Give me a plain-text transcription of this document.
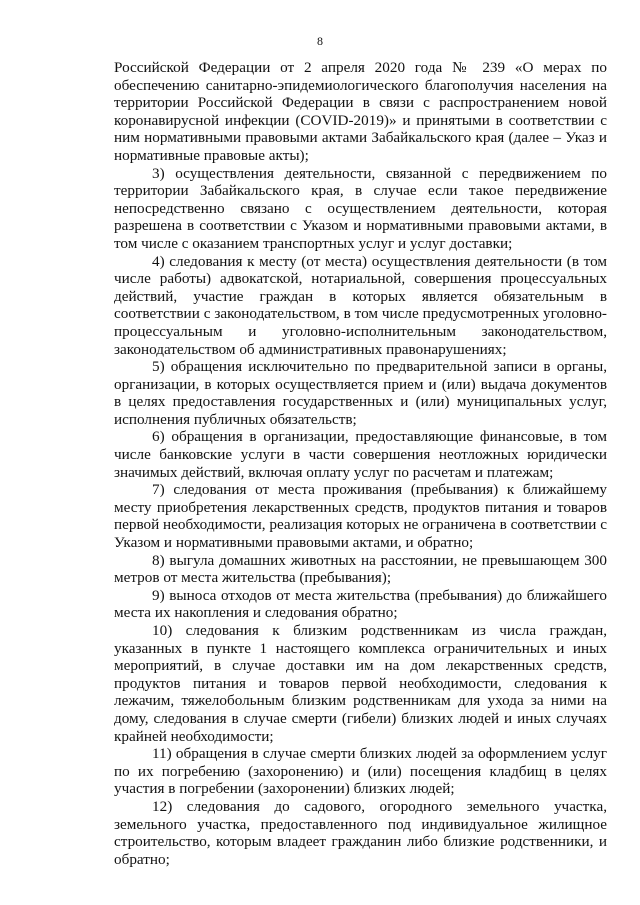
8

Российской Федерации от 2 апреля 2020 года № 239 «О мерах по обеспечению санитарно-эпидемиологического благополучия населения на территории Российской Федерации в связи с распространением новой коронавирусной инфекции (COVID-2019)» и принятыми в соответствии с ним нормативными правовыми актами Забайкальского края (далее – Указ и нормативные правовые акты);

3) осуществления деятельности, связанной с передвижением по территории Забайкальского края, в случае если такое передвижение непосредственно связано с осуществлением деятельности, которая разрешена в соответствии с Указом и нормативными правовыми актами, в том числе с оказанием транспортных услуг и услуг доставки;

4) следования к месту (от места) осуществления деятельности (в том числе работы) адвокатской, нотариальной, совершения процессуальных действий, участие граждан в которых является обязательным в соответствии с законодательством, в том числе предусмотренных уголовно-процессуальным и уголовно-исполнительным законодательством, законодательством об административных правонарушениях;

5) обращения исключительно по предварительной записи в органы, организации, в которых осуществляется прием и (или) выдача документов в целях предоставления государственных и (или) муниципальных услуг, исполнения публичных обязательств;

6) обращения в организации, предоставляющие финансовые, в том числе банковские услуги в части совершения неотложных юридически значимых действий, включая оплату услуг по расчетам и платежам;

7) следования от места проживания (пребывания) к ближайшему месту приобретения лекарственных средств, продуктов питания и товаров первой необходимости, реализация которых не ограничена в соответствии с Указом и нормативными правовыми актами, и обратно;

8) выгула домашних животных на расстоянии, не превышающем 300 метров от места жительства (пребывания);

9) выноса отходов от места жительства (пребывания) до ближайшего места их накопления и следования обратно;

10) следования к близким родственникам из числа граждан, указанных в пункте 1 настоящего комплекса ограничительных и иных мероприятий, в случае доставки им на дом лекарственных средств, продуктов питания и товаров первой необходимости, следования к лежачим, тяжелобольным близким родственникам для ухода за ними на дому, следования в случае смерти (гибели) близких людей и иных случаях крайней необходимости;

11) обращения в случае смерти близких людей за оформлением услуг по их погребению (захоронению) и (или) посещения кладбищ в целях участия в погребении (захоронении) близких людей;

12) следования до садового, огородного земельного участка, земельного участка, предоставленного под индивидуальное жилищное строительство, которым владеет гражданин либо близкие родственники, и обратно;
